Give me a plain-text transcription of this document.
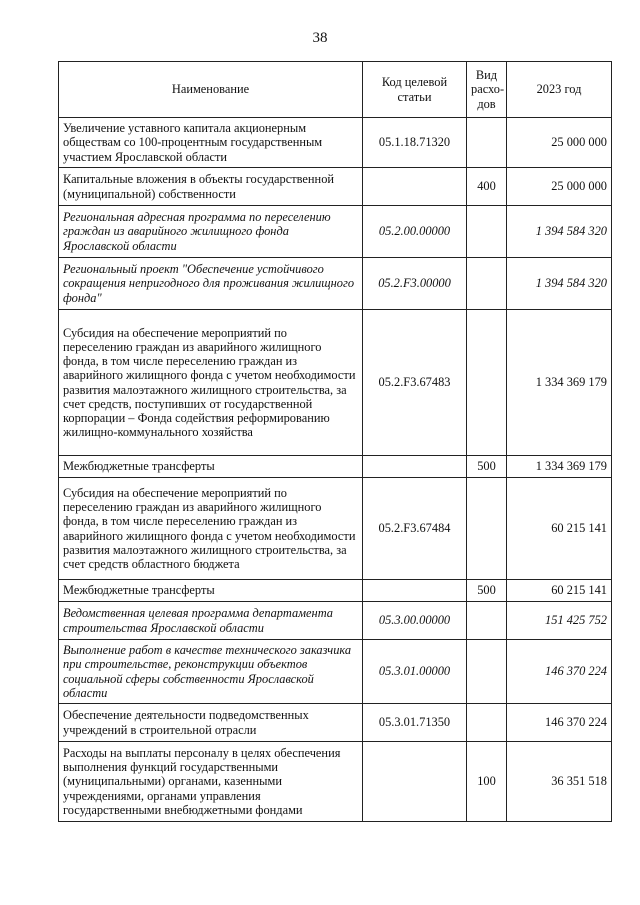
38
Наименование	Код целевой статьи	Вид расхо-дов	2023 год
Увеличение уставного капитала акционерным обществам со 100-процентным государственным участием Ярославской области	05.1.18.71320		25 000 000
Капитальные вложения в объекты государственной (муниципальной) собственности		400	25 000 000
Региональная адресная программа по переселению граждан из аварийного жилищного фонда Ярославской области	05.2.00.00000		1 394 584 320
Региональный проект "Обеспечение устойчивого сокращения непригодного для проживания жилищного фонда"	05.2.F3.00000		1 394 584 320
Субсидия на обеспечение мероприятий по переселению граждан из аварийного жилищного фонда, в том числе переселению граждан из аварийного жилищного фонда с учетом необходимости развития малоэтажного жилищного строительства, за счет средств, поступивших от государственной корпорации – Фонда содействия реформированию жилищно-коммунального хозяйства	05.2.F3.67483		1 334 369 179
Межбюджетные трансферты		500	1 334 369 179
Субсидия на обеспечение мероприятий по переселению граждан из аварийного жилищного фонда, в том числе переселению граждан из аварийного жилищного фонда с учетом необходимости развития малоэтажного жилищного строительства, за счет средств областного бюджета	05.2.F3.67484		60 215 141
Межбюджетные трансферты		500	60 215 141
Ведомственная целевая программа департамента строительства Ярославской области	05.3.00.00000		151 425 752
Выполнение работ в качестве технического заказчика при строительстве, реконструкции объектов социальной сферы собственности Ярославской области	05.3.01.00000		146 370 224
Обеспечение деятельности подведомственных учреждений в строительной отрасли	05.3.01.71350		146 370 224
Расходы на выплаты персоналу в целях обеспечения выполнения функций государственными (муниципальными) органами, казенными учреждениями, органами управления государственными внебюджетными фондами		100	36 351 518
